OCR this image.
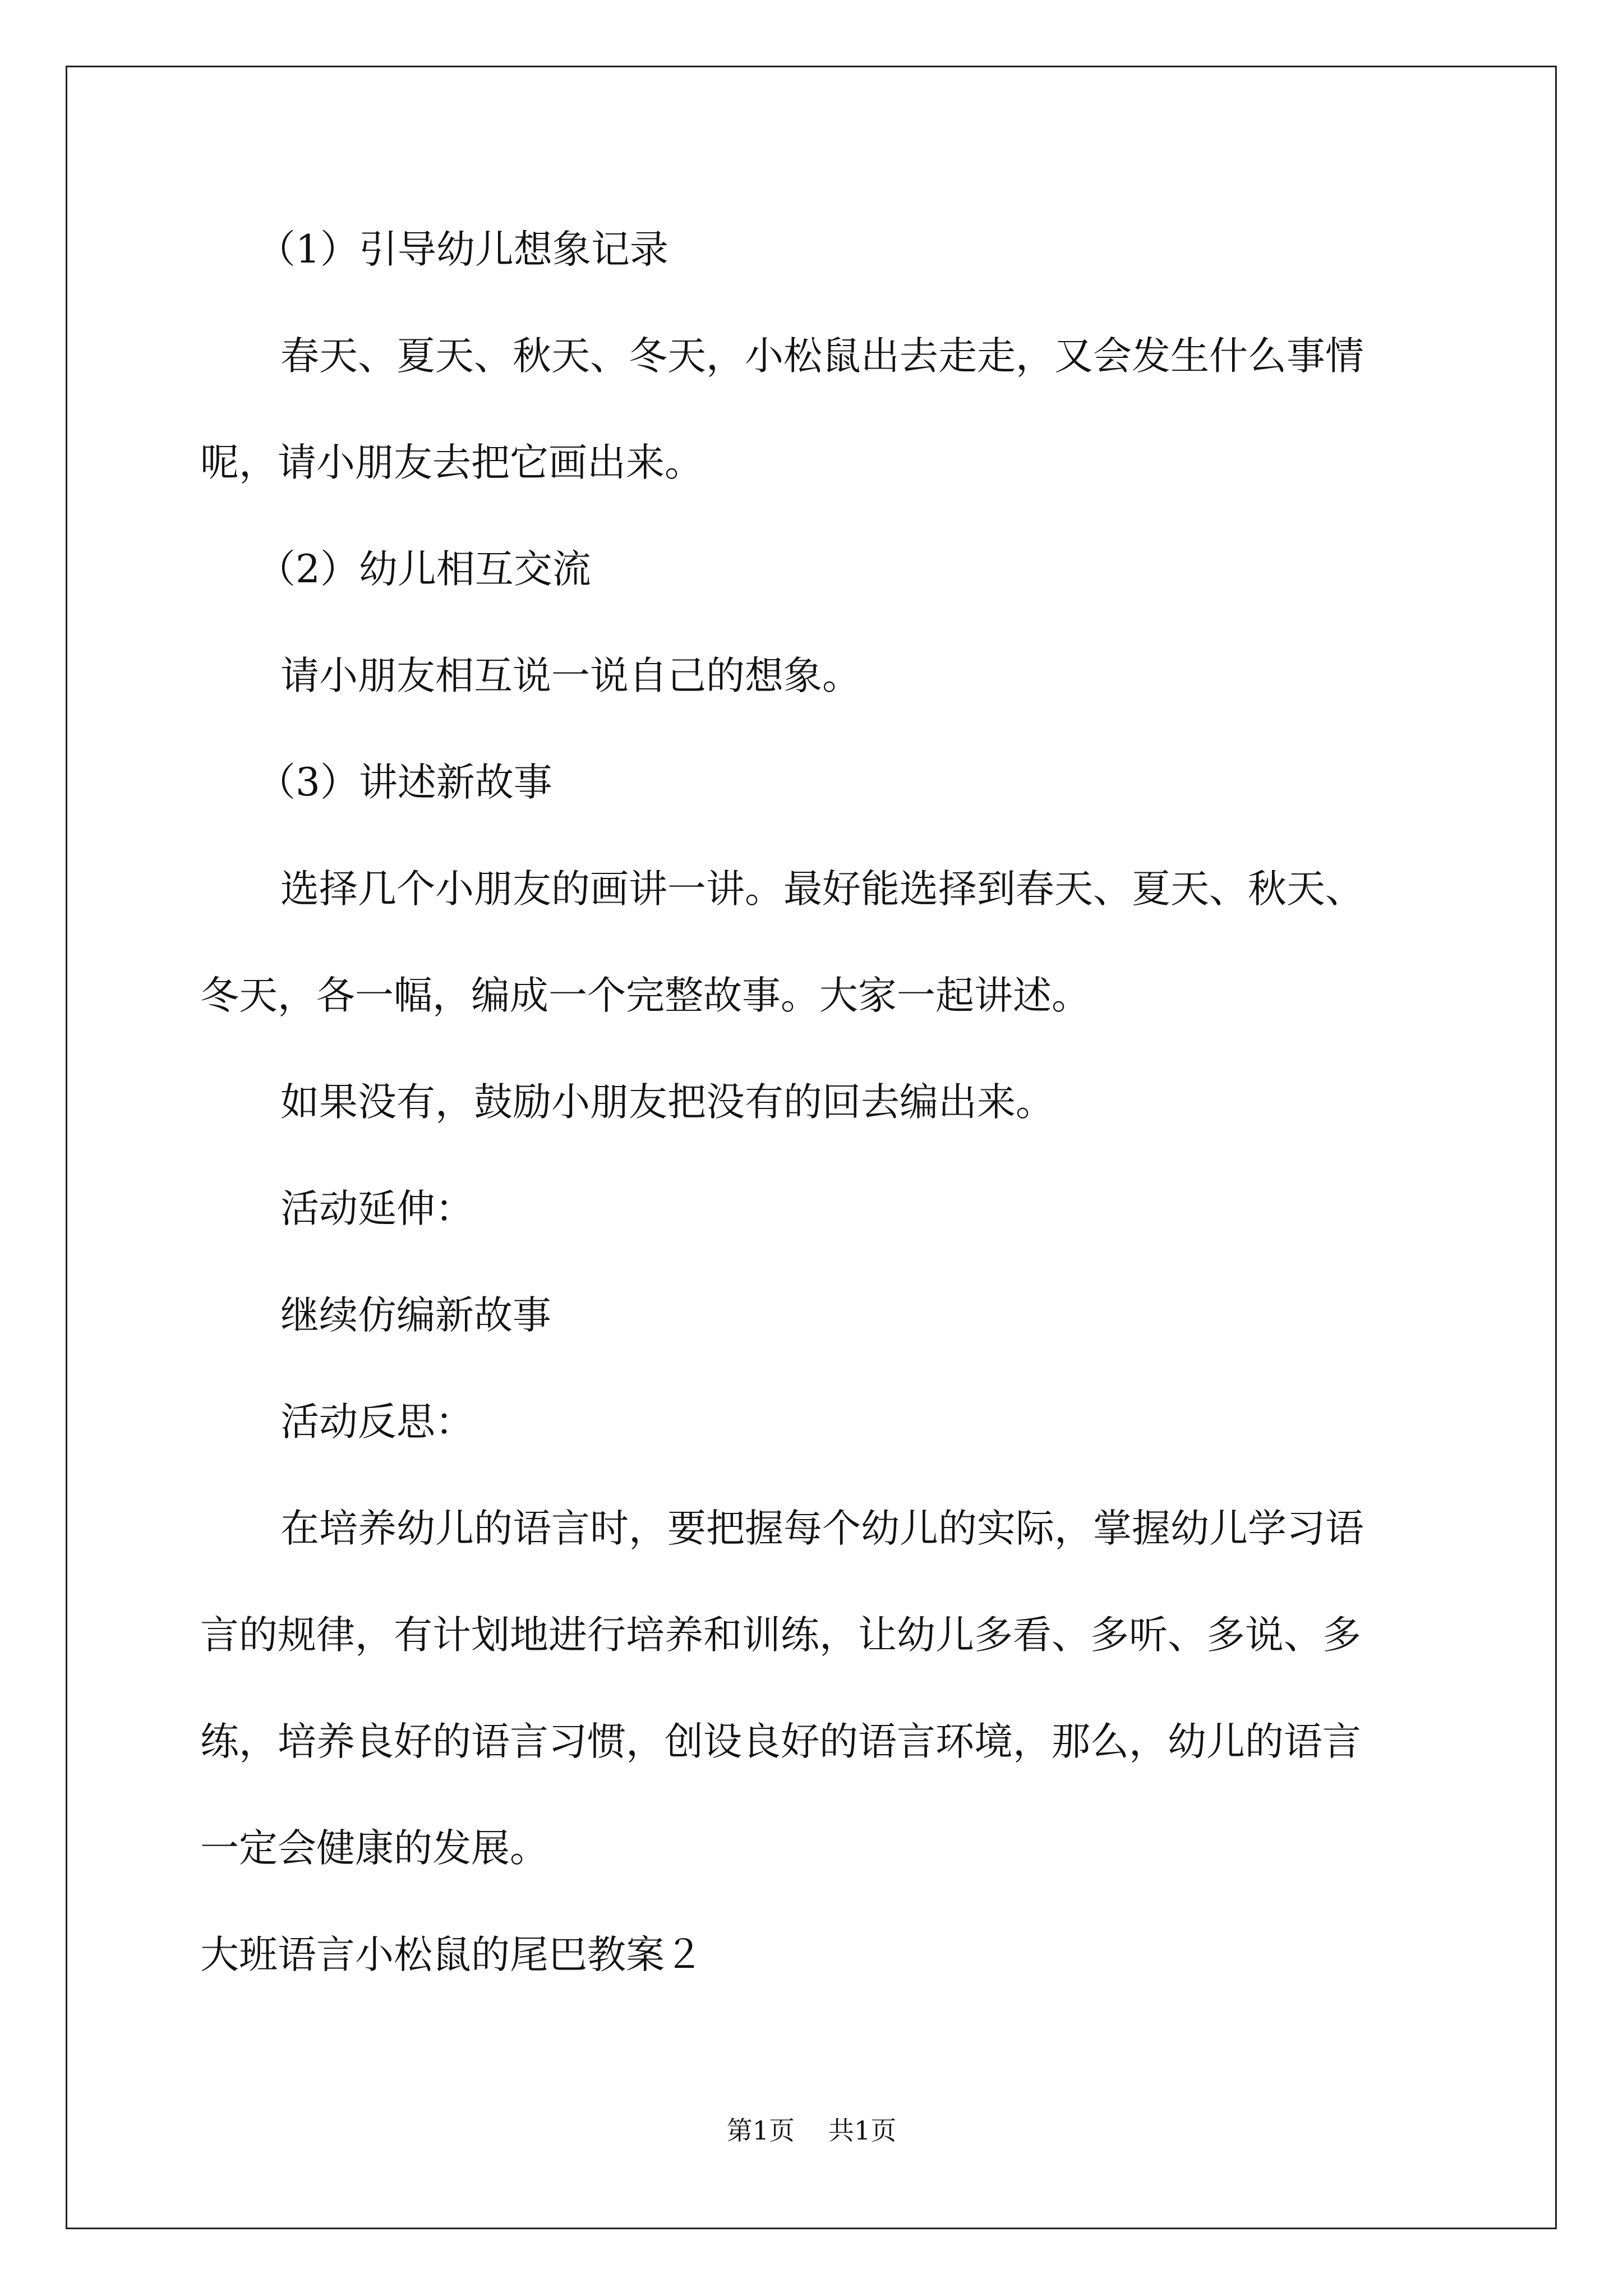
（1）引导幼儿想象记录
春天、夏天、秋天、冬天，小松鼠出去走走，又会发生什么事情
呢，请小朋友去把它画出来。
（2）幼儿相互交流
请小朋友相互说一说自己的想象。
（3）讲述新故事
选择几个小朋友的画讲一讲。最好能选择到春天、夏天、秋天、
冬天，各一幅，编成一个完整故事。大家一起讲述。
如果没有，鼓励小朋友把没有的回去编出来。
活动延伸：
继续仿编新故事
活动反思：
在培养幼儿的语言时，要把握每个幼儿的实际，掌握幼儿学习语
言的规律，有计划地进行培养和训练，让幼儿多看、多听、多说、多
练，培养良好的语言习惯，创设良好的语言环境，那么，幼儿的语言
一定会健康的发展。
大班语言小松鼠的尾巴教案２
第1页 共1页
